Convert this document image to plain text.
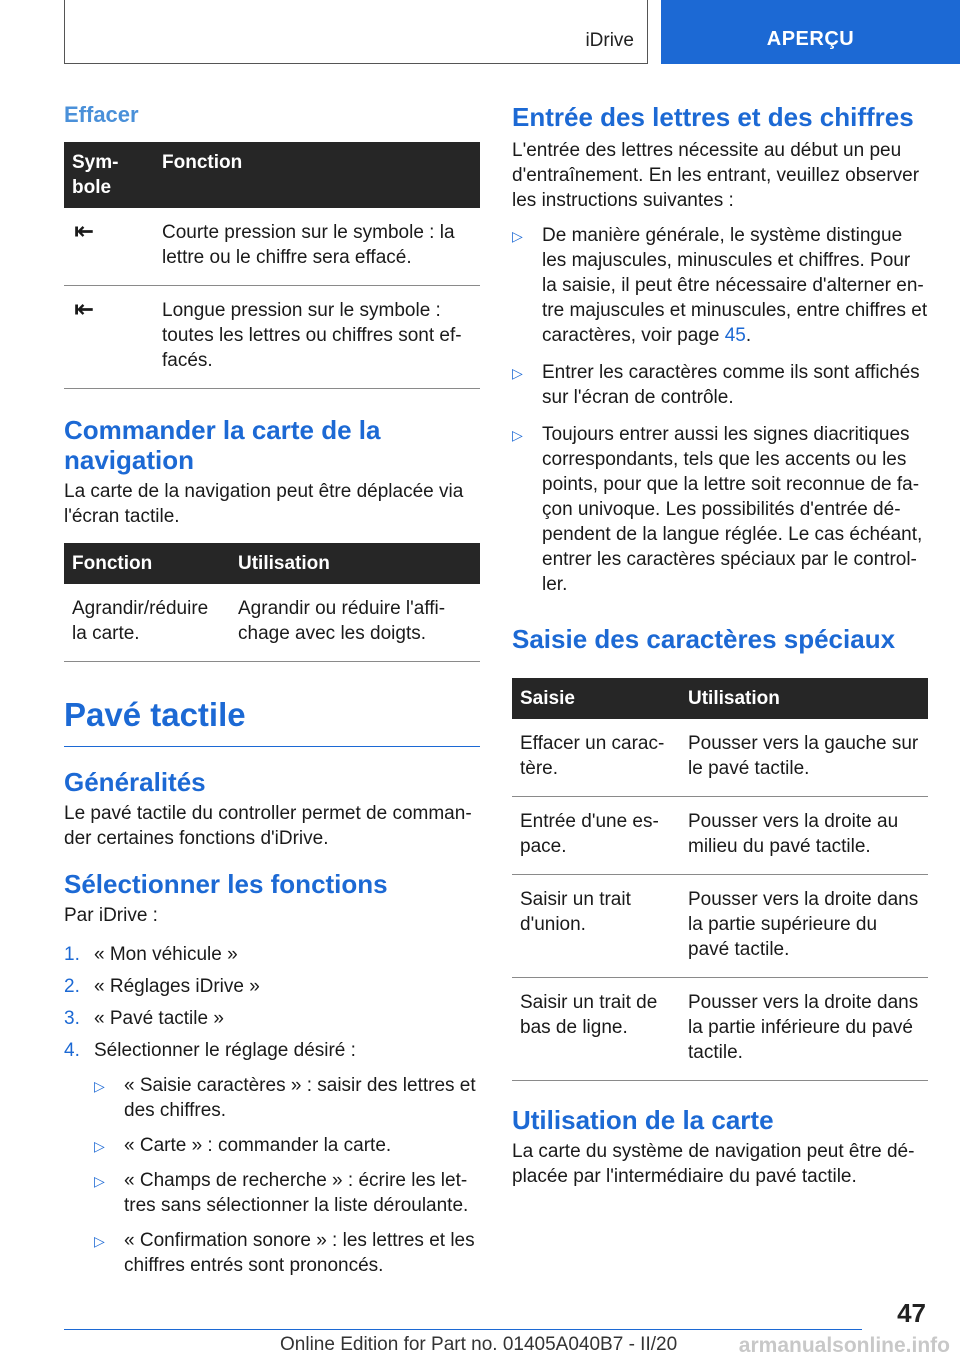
iDrive	APERÇU
Effacer
Sym-
bole	Fonction
⇤	Courte pression sur le symbole : la lettre ou le chiffre sera effacé.
⇤	Longue pression sur le symbole : toutes les lettres ou chiffres sont ef-facés.
Commander la carte de la navigation

La carte de la navigation peut être déplacée via l'écran tactile.

Fonction	Utilisation
Agrandir/réduire la carte.	Agrandir ou réduire l'affi-chage avec les doigts.
Pavé tactile
Généralités

Le pavé tactile du controller permet de comman-der certaines fonctions d'iDrive.

Sélectionner les fonctions

Par iDrive :

1. « Mon véhicule »
2. « Réglages iDrive »
3. « Pavé tactile »
4. Sélectionner le réglage désiré :
▷ « Saisie caractères » : saisir des lettres et des chiffres.
▷ « Carte » : commander la carte.
▷ « Champs de recherche » : écrire les let-tres sans sélectionner la liste déroulante.
▷ « Confirmation sonore » : les lettres et les chiffres entrés sont prononcés.
Entrée des lettres et des chiffres

L'entrée des lettres nécessite au début un peu d'entraînement. En les entrant, veuillez observer les instructions suivantes :

▷ De manière générale, le système distingue les majuscules, minuscules et chiffres. Pour la saisie, il peut être nécessaire d'alterner en-tre majuscules et minuscules, entre chiffres et caractères, voir page 45.
▷ Entrer les caractères comme ils sont affichés sur l'écran de contrôle.
▷ Toujours entrer aussi les signes diacritiques correspondants, tels que les accents ou les points, pour que la lettre soit reconnue de fa-çon univoque. Les possibilités d'entrée dé-pendent de la langue réglée. Le cas échéant, entrer les caractères spéciaux par le control-ler.
Saisie des caractères spéciaux
Saisie	Utilisation
Effacer un carac-tère.	Pousser vers la gauche sur le pavé tactile.
Entrée d'une es-pace.	Pousser vers la droite au milieu du pavé tactile.
Saisir un trait d'union.	Pousser vers la droite dans la partie supérieure du pavé tactile.
Saisir un trait de bas de ligne.	Pousser vers la droite dans la partie inférieure du pavé tactile.
Utilisation de la carte

La carte du système de navigation peut être dé-placée par l'intermédiaire du pavé tactile.

47
Online Edition for Part no. 01405A040B7 - II/20	armanualsonline.info
